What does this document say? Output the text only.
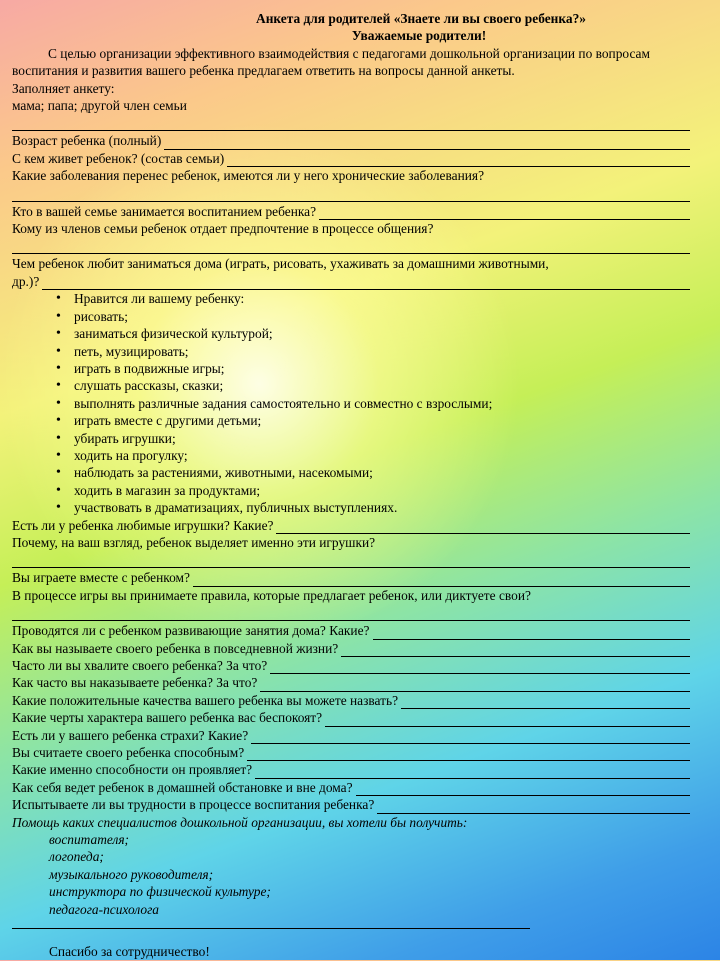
Анкета для родителей «Знаете ли вы своего ребенка?»
Уважаемые родители!
С целью организации эффективного взаимодействия с педагогами дошкольной организации по вопросам воспитания и развития вашего ребенка предлагаем ответить на вопросы данной анкеты.
Заполняет анкету:
мама; папа; другой член семьи
Возраст ребенка (полный)
С кем живет ребенок? (состав семьи)
Какие заболевания перенес ребенок, имеются ли у него хронические заболевания?
Кто в вашей семье занимается воспитанием ребенка?
Кому из членов семьи ребенок отдает предпочтение в процессе общения?
Чем ребенок любит заниматься дома (играть, рисовать, ухаживать за домашними животными,
др.)?
• Нравится ли вашему ребенку:
• рисовать;
• заниматься физической культурой;
• петь, музицировать;
• играть в подвижные игры;
• слушать рассказы, сказки;
• выполнять различные задания самостоятельно и совместно с взрослыми;
• играть вместе с другими детьми;
• убирать игрушки;
• ходить на прогулку;
• наблюдать за растениями, животными, насекомыми;
• ходить в магазин за продуктами;
• участвовать в драматизациях, публичных выступлениях.
Есть ли у ребенка любимые игрушки? Какие?
Почему, на ваш взгляд, ребенок выделяет именно эти игрушки?
Вы играете вместе с ребенком?
В процессе игры вы принимаете правила, которые предлагает ребенок, или диктуете свои?
Проводятся ли с ребенком развивающие занятия дома? Какие?
Как вы называете своего ребенка в повседневной жизни?
Часто ли вы хвалите своего ребенка? За что?
Как часто вы наказываете ребенка? За что?
Какие положительные качества вашего ребенка вы можете назвать?
Какие черты характера вашего ребенка вас беспокоят?
Есть ли у вашего ребенка страхи? Какие?
Вы считаете своего ребенка способным?
Какие именно способности он проявляет?
Как себя ведет ребенок в домашней обстановке и вне дома?
Испытываете ли вы трудности в процессе воспитания ребенка?
Помощь каких специалистов дошкольной организации, вы хотели бы получить:
воспитателя;
логопеда;
музыкального руководителя;
инструктора по физической культуре;
педагога-психолога
Спасибо за сотрудничество!
